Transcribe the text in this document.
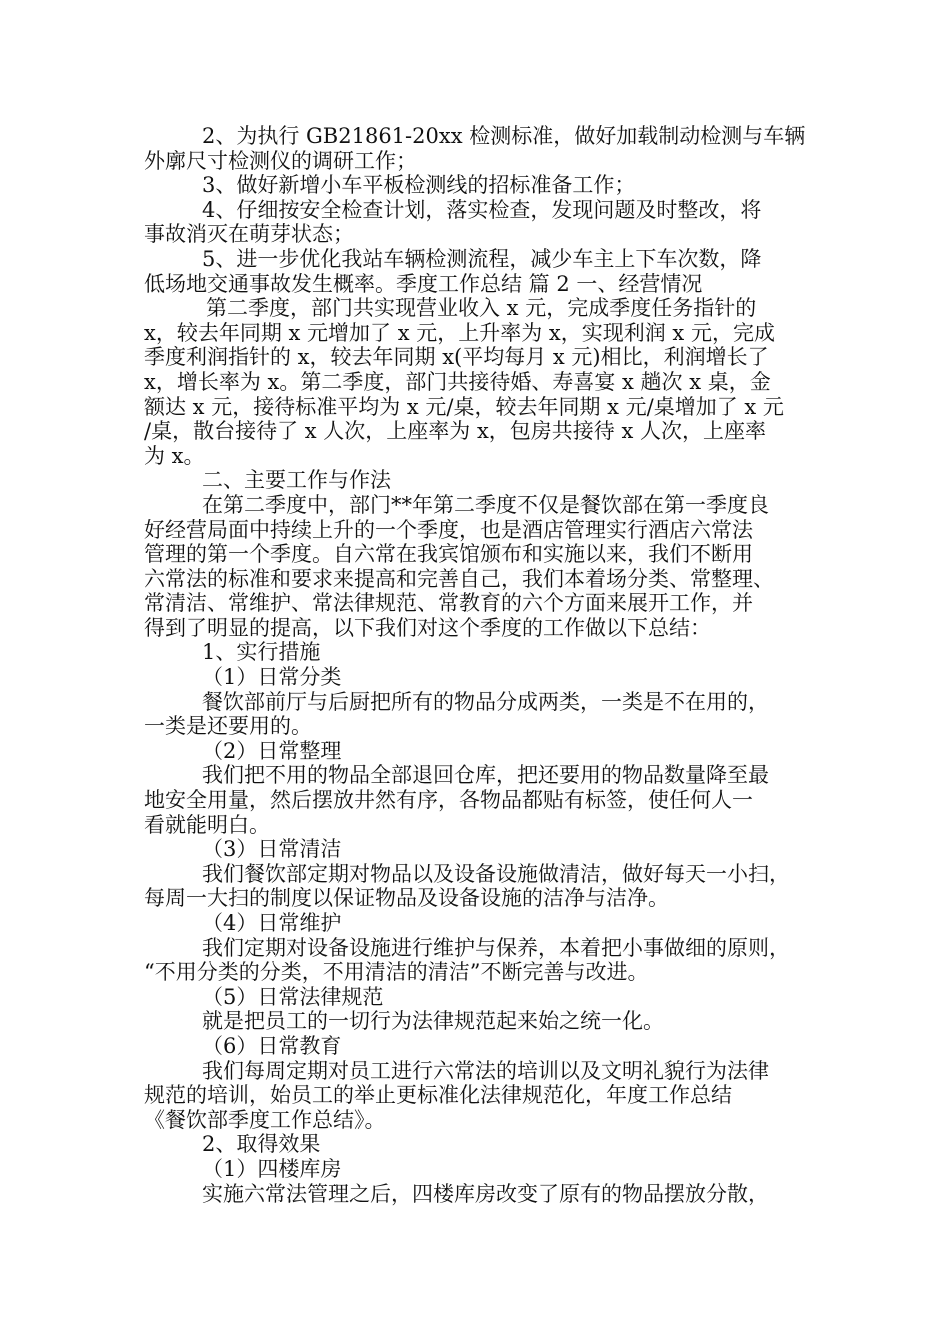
2、为执行 GB21861-20xx 检测标准，做好加载制动检测与车辆
外廓尺寸检测仪的调研工作；
3、做好新增小车平板检测线的招标准备工作；
4、仔细按安全检查计划，落实检查，发现问题及时整改，将
事故消灭在萌芽状态；
5、进一步优化我站车辆检测流程，减少车主上下车次数，降
低场地交通事故发生概率。季度工作总结 篇 2 一、经营情况
第二季度，部门共实现营业收入 x 元，完成季度任务指针的
x，较去年同期 x 元增加了 x 元，上升率为 x，实现利润 x 元，完成
季度利润指针的 x，较去年同期 x(平均每月 x 元)相比，利润增长了
x，增长率为 x。第二季度，部门共接待婚、寿喜宴 x 趟次 x 桌，金
额达 x 元，接待标准平均为 x 元/桌，较去年同期 x 元/桌增加了 x 元
/桌，散台接待了 x 人次，上座率为 x，包房共接待 x 人次，上座率
为 x。
二、主要工作与作法
在第二季度中，部门**年第二季度不仅是餐饮部在第一季度良
好经营局面中持续上升的一个季度，也是酒店管理实行酒店六常法
管理的第一个季度。自六常在我宾馆颁布和实施以来，我们不断用
六常法的标准和要求来提高和完善自己，我们本着场分类、常整理、
常清洁、常维护、常法律规范、常教育的六个方面来展开工作，并
得到了明显的提高，以下我们对这个季度的工作做以下总结：
1、实行措施
（1）日常分类
餐饮部前厅与后厨把所有的物品分成两类，一类是不在用的，
一类是还要用的。
（2）日常整理
我们把不用的物品全部退回仓库，把还要用的物品数量降至最
地安全用量，然后摆放井然有序，各物品都贴有标签，使任何人一
看就能明白。
（3）日常清洁
我们餐饮部定期对物品以及设备设施做清洁，做好每天一小扫，
每周一大扫的制度以保证物品及设备设施的洁净与洁净。
（4）日常维护
我们定期对设备设施进行维护与保养，本着把小事做细的原则，
“不用分类的分类，不用清洁的清洁”不断完善与改进。
（5）日常法律规范
就是把员工的一切行为法律规范起来始之统一化。
（6）日常教育
我们每周定期对员工进行六常法的培训以及文明礼貌行为法律
规范的培训，始员工的举止更标准化法律规范化，年度工作总结
《餐饮部季度工作总结》。
2、取得效果
（1）四楼库房
实施六常法管理之后，四楼库房改变了原有的物品摆放分散，
